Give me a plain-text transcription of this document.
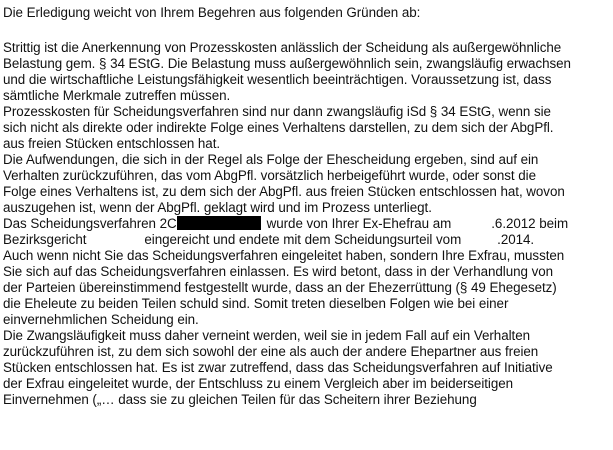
Die Erledigung weicht von Ihrem Begehren aus folgenden Gründen ab:
Strittig ist die Anerkennung von Prozesskosten anlässlich der Scheidung als außergewöhnliche
Belastung gem. § 34 EStG. Die Belastung muss außergewöhnlich sein, zwangsläufig erwachsen
und die wirtschaftliche Leistungsfähigkeit wesentlich beeinträchtigen. Voraussetzung ist, dass
sämtliche Merkmale zutreffen müssen.
Prozesskosten für Scheidungsverfahren sind nur dann zwangsläufig iSd § 34 EStG, wenn sie
sich nicht als direkte oder indirekte Folge eines Verhaltens darstellen, zu dem sich der AbgPfl.
aus freien Stücken entschlossen hat.
Die Aufwendungen, die sich in der Regel als Folge der Ehescheidung ergeben, sind auf ein
Verhalten zurückzuführen, das vom AbgPfl. vorsätzlich herbeigeführt wurde, oder sonst die
Folge eines Verhaltens ist, zu dem sich der AbgPfl. aus freien Stücken entschlossen hat, wovon
auszugehen ist, wenn der AbgPfl. geklagt wird und im Prozess unterliegt.
Das Scheidungsverfahren 2C	wurde von Ihrer Ex-Ehefrau am	.6.2012 beim
Bezirksgericht	eingereicht und endete mit dem Scheidungsurteil vom	.2014.
Auch wenn nicht Sie das Scheidungsverfahren eingeleitet haben, sondern Ihre Exfrau, mussten
Sie sich auf das Scheidungsverfahren einlassen. Es wird betont, dass in der Verhandlung von
der Parteien übereinstimmend festgestellt wurde, dass an der Ehezerrüttung (§ 49 Ehegesetz)
die Eheleute zu beiden Teilen schuld sind. Somit treten dieselben Folgen wie bei einer
einvernehmlichen Scheidung ein.
Die Zwangsläufigkeit muss daher verneint werden, weil sie in jedem Fall auf ein Verhalten
zurückzuführen ist, zu dem sich sowohl der eine als auch der andere Ehepartner aus freien
Stücken entschlossen hat. Es ist zwar zutreffend, dass das Scheidungsverfahren auf Initiative
der Exfrau eingeleitet wurde, der Entschluss zu einem Vergleich aber im beiderseitigen
Einvernehmen („… dass sie zu gleichen Teilen für das Scheitern ihrer Beziehung
